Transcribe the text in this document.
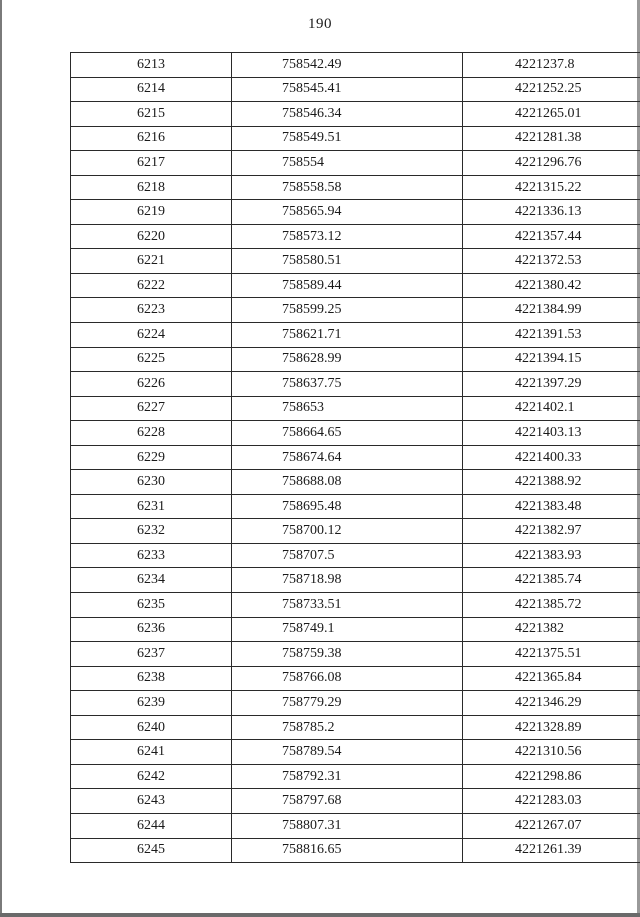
190
6213	758542.49	4221237.8
6214	758545.41	4221252.25
6215	758546.34	4221265.01
6216	758549.51	4221281.38
6217	758554	4221296.76
6218	758558.58	4221315.22
6219	758565.94	4221336.13
6220	758573.12	4221357.44
6221	758580.51	4221372.53
6222	758589.44	4221380.42
6223	758599.25	4221384.99
6224	758621.71	4221391.53
6225	758628.99	4221394.15
6226	758637.75	4221397.29
6227	758653	4221402.1
6228	758664.65	4221403.13
6229	758674.64	4221400.33
6230	758688.08	4221388.92
6231	758695.48	4221383.48
6232	758700.12	4221382.97
6233	758707.5	4221383.93
6234	758718.98	4221385.74
6235	758733.51	4221385.72
6236	758749.1	4221382
6237	758759.38	4221375.51
6238	758766.08	4221365.84
6239	758779.29	4221346.29
6240	758785.2	4221328.89
6241	758789.54	4221310.56
6242	758792.31	4221298.86
6243	758797.68	4221283.03
6244	758807.31	4221267.07
6245	758816.65	4221261.39
